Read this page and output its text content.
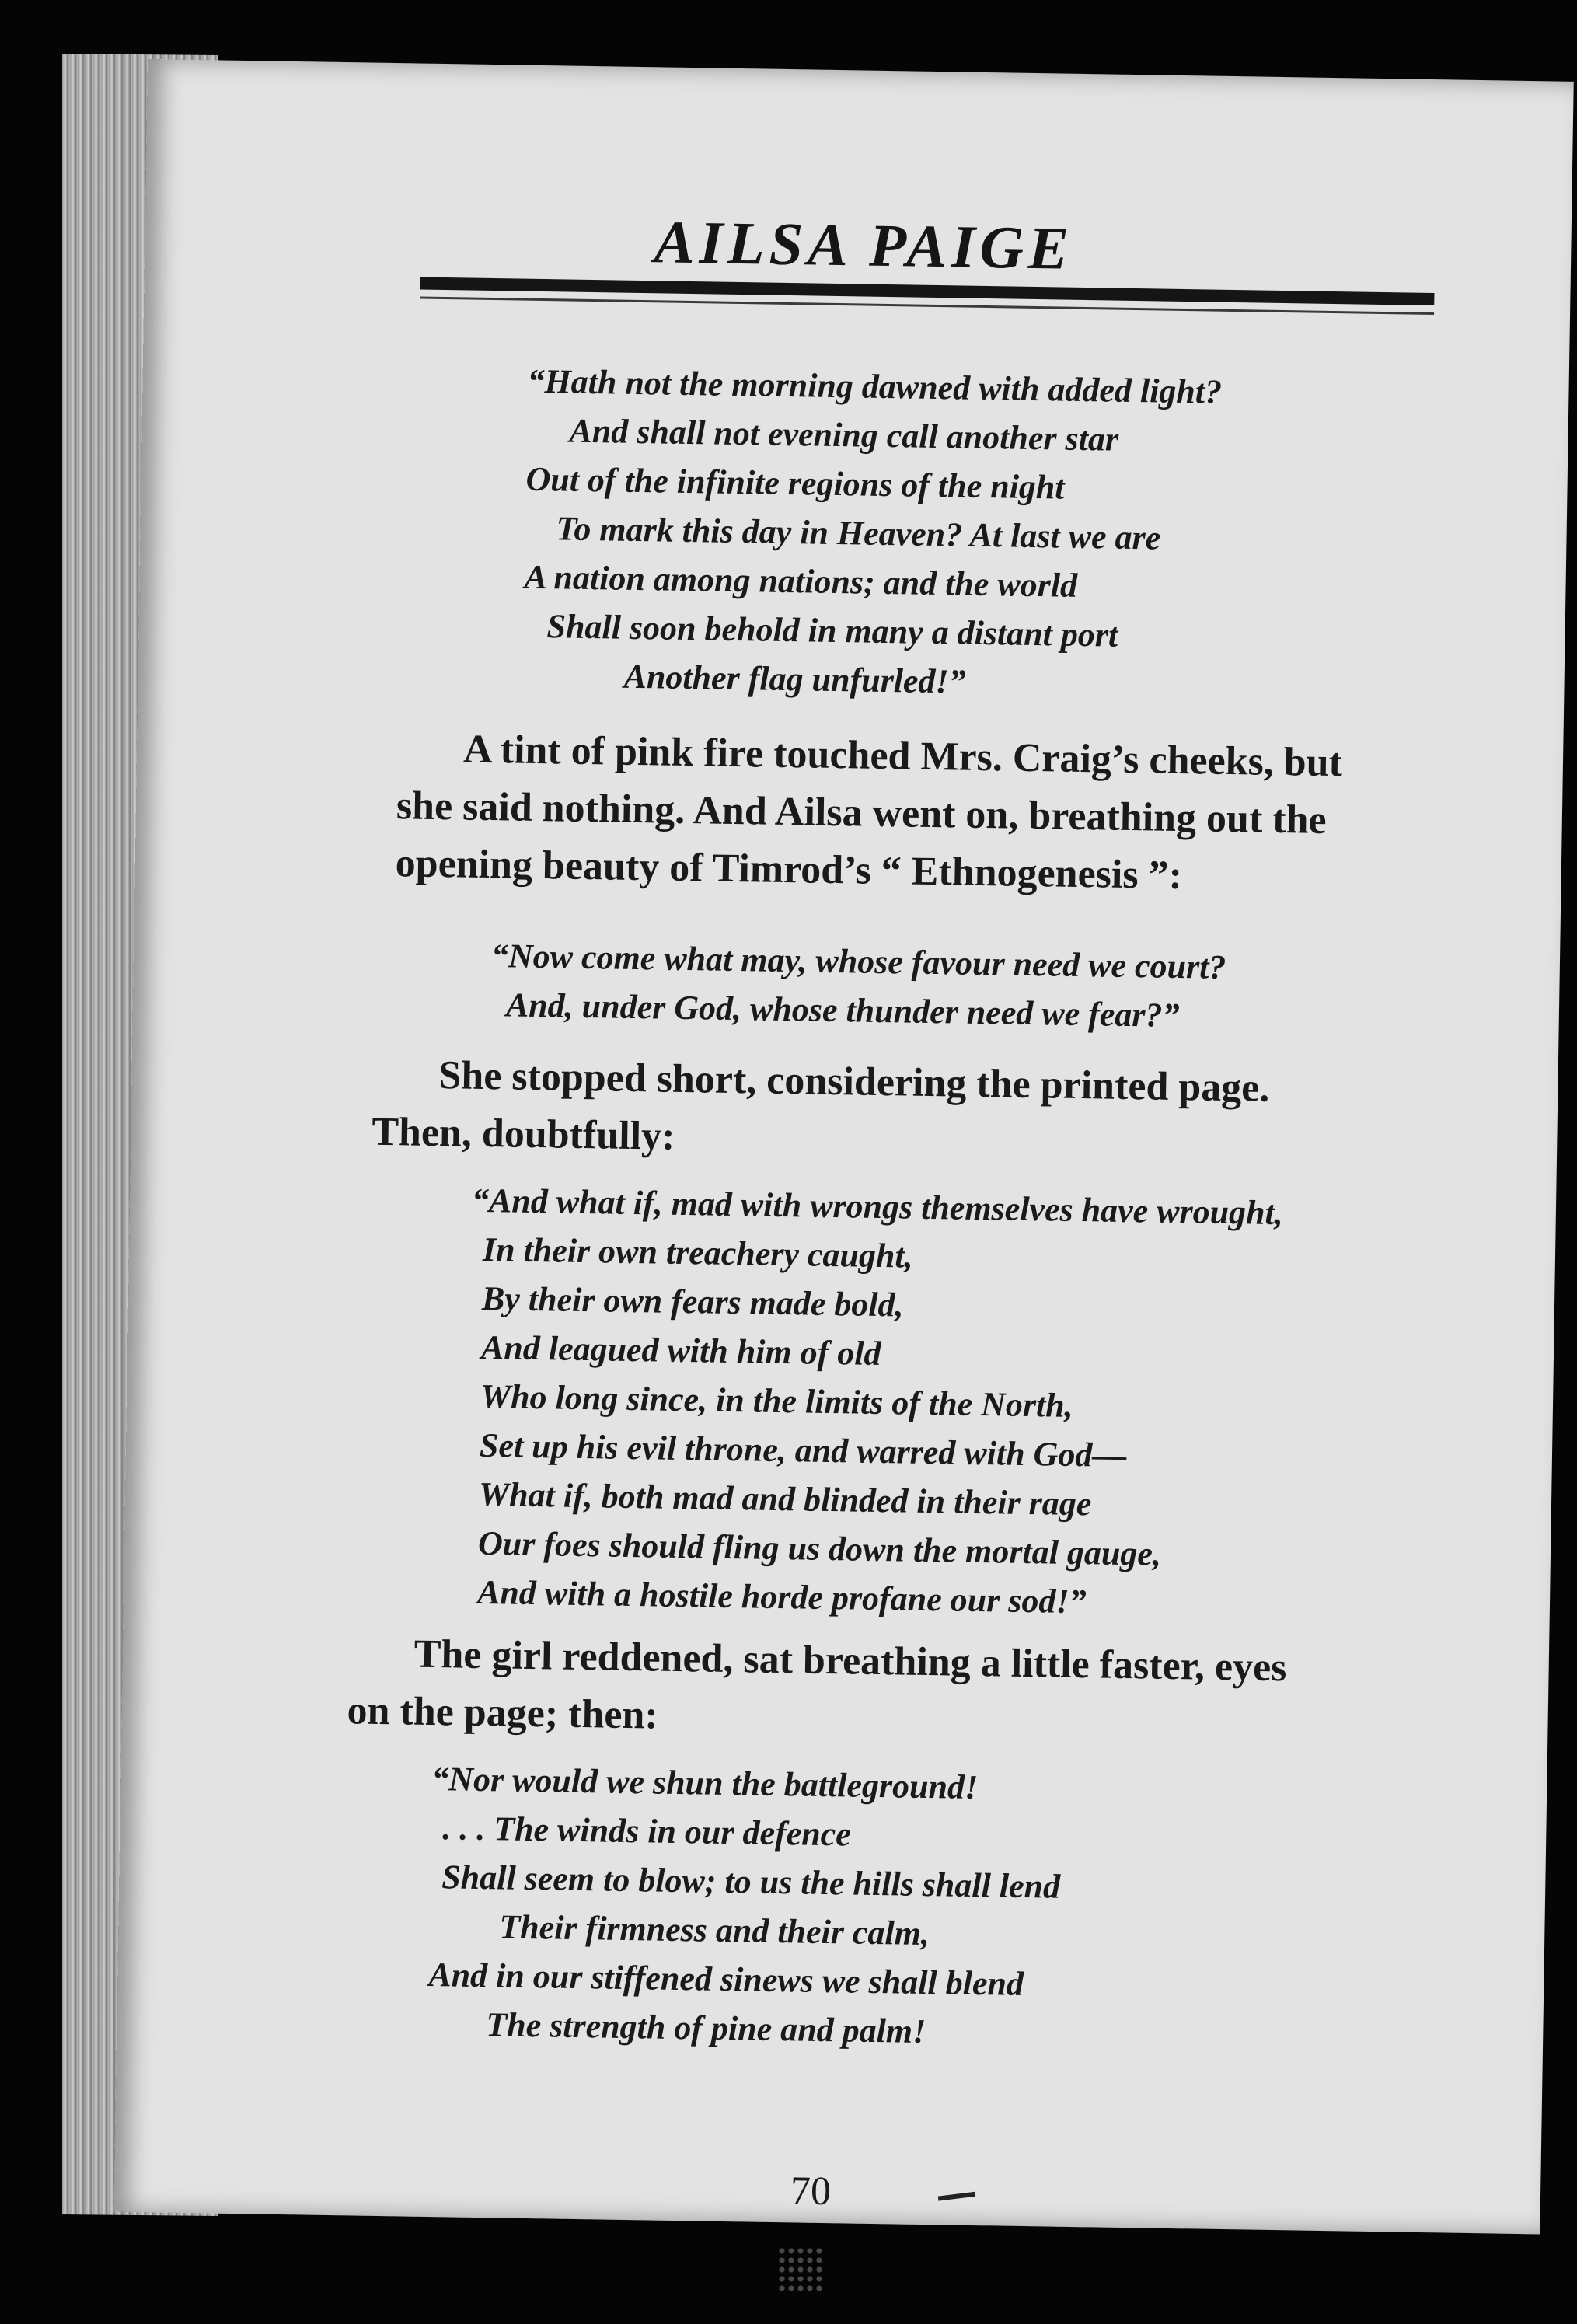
AILSA PAIGE
“Hath not the morning dawned with added light?
And shall not evening call another star
Out of the infinite regions of the night
To mark this day in Heaven? At last we are
A nation among nations; and the world
Shall soon behold in many a distant port
Another flag unfurled!”
A tint of pink fire touched Mrs. Craig’s cheeks, but
she said nothing. And Ailsa went on, breathing out the
opening beauty of Timrod’s “ Ethnogenesis ”:
“Now come what may, whose favour need we court?
And, under God, whose thunder need we fear?”
She stopped short, considering the printed page.
Then, doubtfully:
“And what if, mad with wrongs themselves have wrought,
In their own treachery caught,
By their own fears made bold,
And leagued with him of old
Who long since, in the limits of the North,
Set up his evil throne, and warred with God—
What if, both mad and blinded in their rage
Our foes should fling us down the mortal gauge,
And with a hostile horde profane our sod!”
The girl reddened, sat breathing a little faster, eyes
on the page; then:
“Nor would we shun the battleground!
. . . The winds in our defence
Shall seem to blow; to us the hills shall lend
Their firmness and their calm,
And in our stiffened sinews we shall blend
The strength of pine and palm!
70
